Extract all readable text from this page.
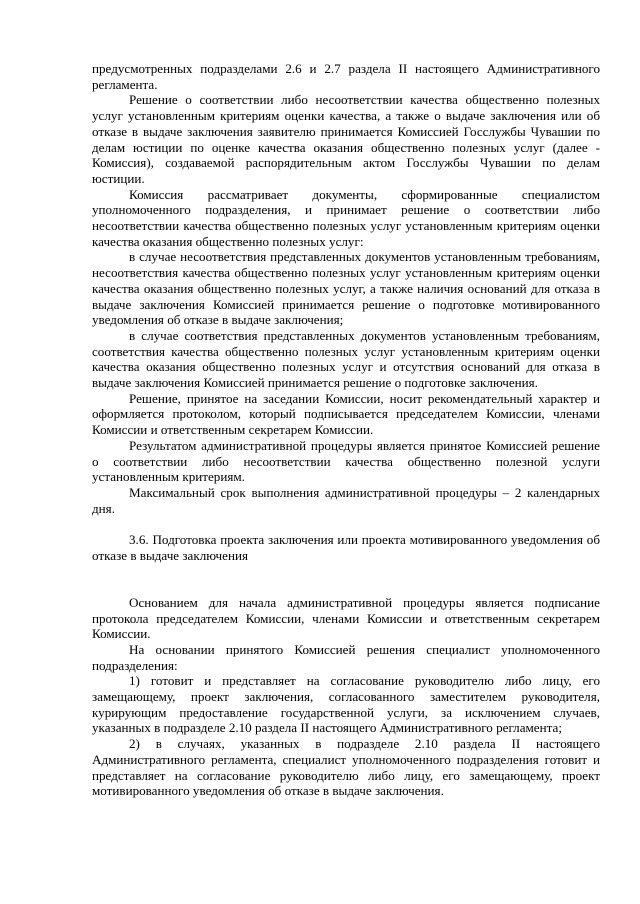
предусмотренных подразделами 2.6 и 2.7 раздела II настоящего Административного регламента.

Решение о соответствии либо несоответствии качества общественно полезных услуг установленным критериям оценки качества, а также о выдаче заключения или об отказе в выдаче заключения заявителю принимается Комиссией Госслужбы Чувашии по делам юстиции по оценке качества оказания общественно полезных услуг (далее - Комиссия), создаваемой распорядительным актом Госслужбы Чувашии по делам юстиции.

Комиссия рассматривает документы, сформированные специалистом уполномоченного подразделения, и принимает решение о соответствии либо несоответствии качества общественно полезных услуг установленным критериям оценки качества оказания общественно полезных услуг:

в случае несоответствия представленных документов установленным требованиям, несоответствия качества общественно полезных услуг установленным критериям оценки качества оказания общественно полезных услуг, а также наличия оснований для отказа в выдаче заключения Комиссией принимается решение о подготовке мотивированного уведомления об отказе в выдаче заключения;

в случае соответствия представленных документов установленным требованиям, соответствия качества общественно полезных услуг установленным критериям оценки качества оказания общественно полезных услуг и отсутствия оснований для отказа в выдаче заключения Комиссией принимается решение о подготовке заключения.

Решение, принятое на заседании Комиссии, носит рекомендательный характер и оформляется протоколом, который подписывается председателем Комиссии, членами Комиссии и ответственным секретарем Комиссии.

Результатом административной процедуры является принятое Комиссией решение о соответствии либо несоответствии качества общественно полезной услуги установленным критериям.

Максимальный срок выполнения административной процедуры – 2 календарных дня.

3.6. Подготовка проекта заключения или проекта мотивированного уведомления об отказе в выдаче заключения

Основанием для начала административной процедуры является подписание протокола председателем Комиссии, членами Комиссии и ответственным секретарем Комиссии.

На основании принятого Комиссией решения специалист уполномоченного подразделения:

1) готовит и представляет на согласование руководителю либо лицу, его замещающему, проект заключения, согласованного заместителем руководителя, курирующим предоставление государственной услуги, за исключением случаев, указанных в подразделе 2.10 раздела II настоящего Административного регламента;

2) в случаях, указанных в подразделе 2.10 раздела II настоящего Административного регламента, специалист уполномоченного подразделения готовит и представляет на согласование руководителю либо лицу, его замещающему, проект мотивированного уведомления об отказе в выдаче заключения.
